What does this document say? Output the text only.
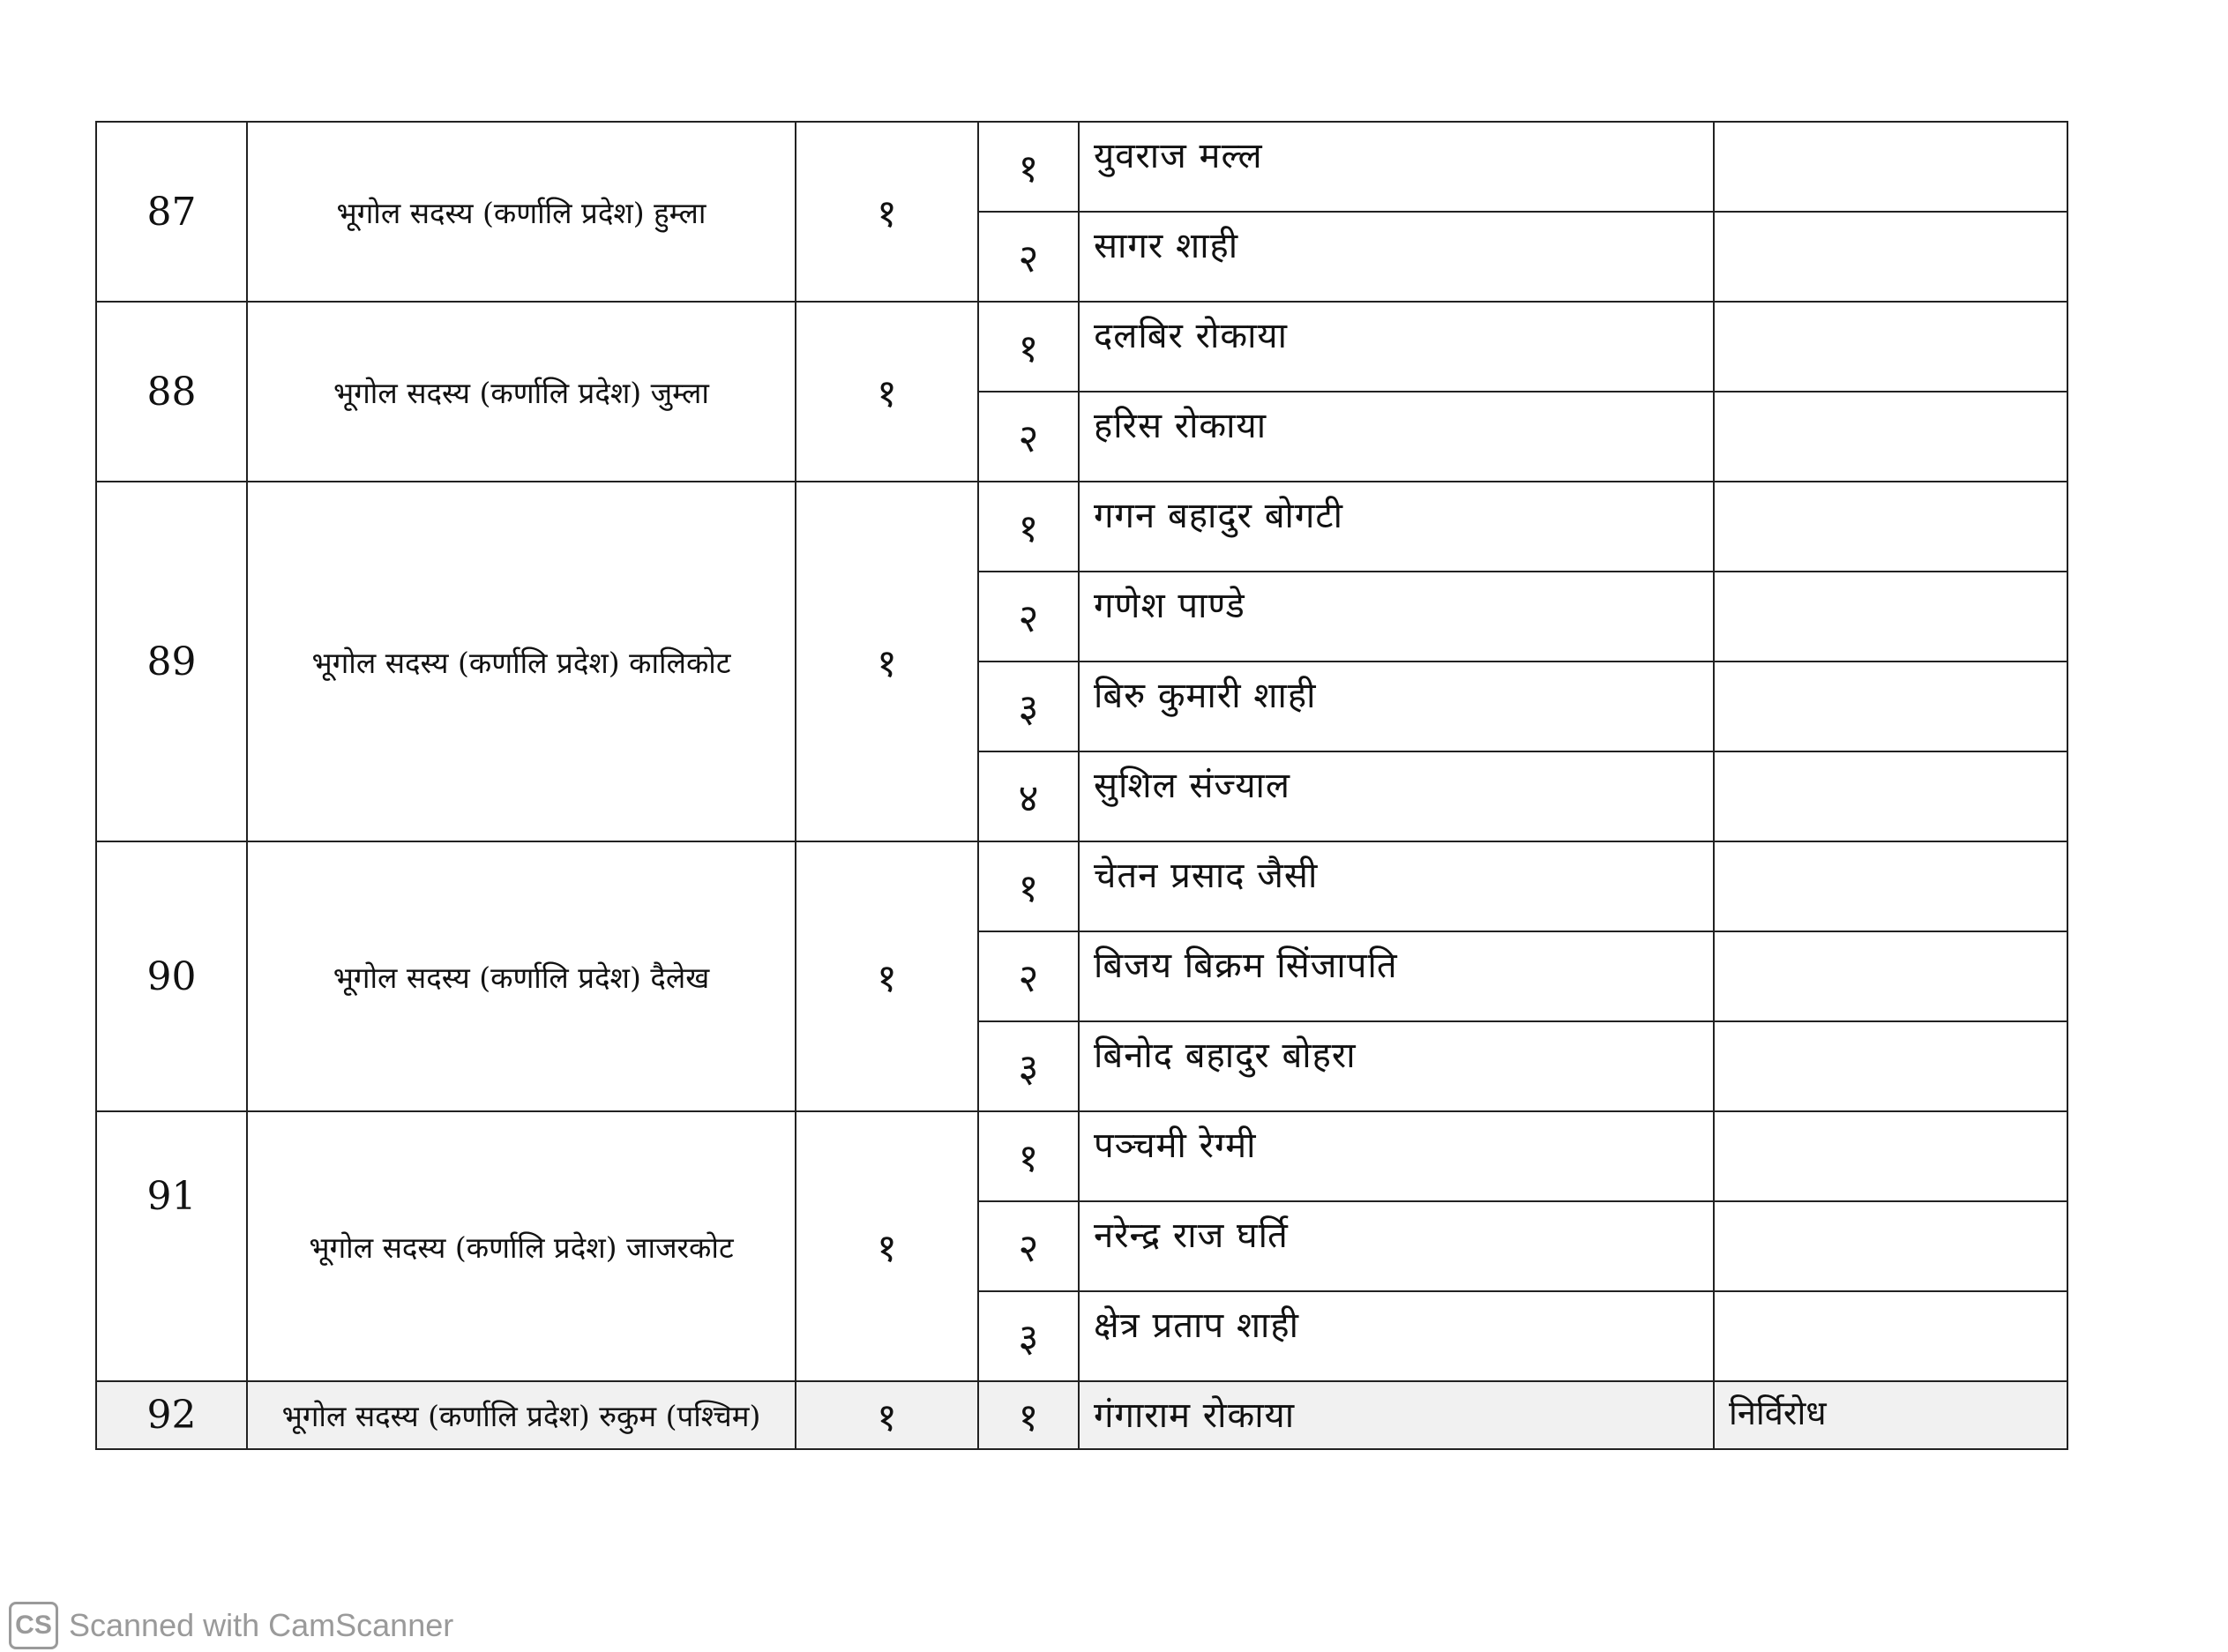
87	भूगोल सदस्य (कर्णालि प्रदेश) हुम्ला	१	१	युवराज मल्ल	
			२	सागर शाही	
88	भूगोल सदस्य (कर्णालि प्रदेश) जुम्ला	१	१	दलबिर रोकाया	
			२	हरिस रोकाया	
89	भूगोल सदस्य (कर्णालि प्रदेश) कालिकोट	१	१	गगन बहादुर बोगटी	
			२	गणेश पाण्डे	
			३	बिरु कुमारी शाही	
			४	सुशिल संज्याल	
90	भूगोल सदस्य (कर्णालि प्रदेश) दैलेख	१	१	चेतन प्रसाद जैसी	
			२	बिजय बिक्रम सिंजापति	
			३	बिनोद बहादुर बोहरा	
91	भूगोल सदस्य (कर्णालि प्रदेश) जाजरकोट	१	१	पञ्चमी रेग्मी	
			२	नरेन्द्र राज घर्ति	
			३	क्षेत्र प्रताप शाही	
92	भूगोल सदस्य (कर्णालि प्रदेश) रुकुम (पश्चिम)	१	१	गंगाराम रोकाया	निर्विरोध
CS Scanned with CamScanner
